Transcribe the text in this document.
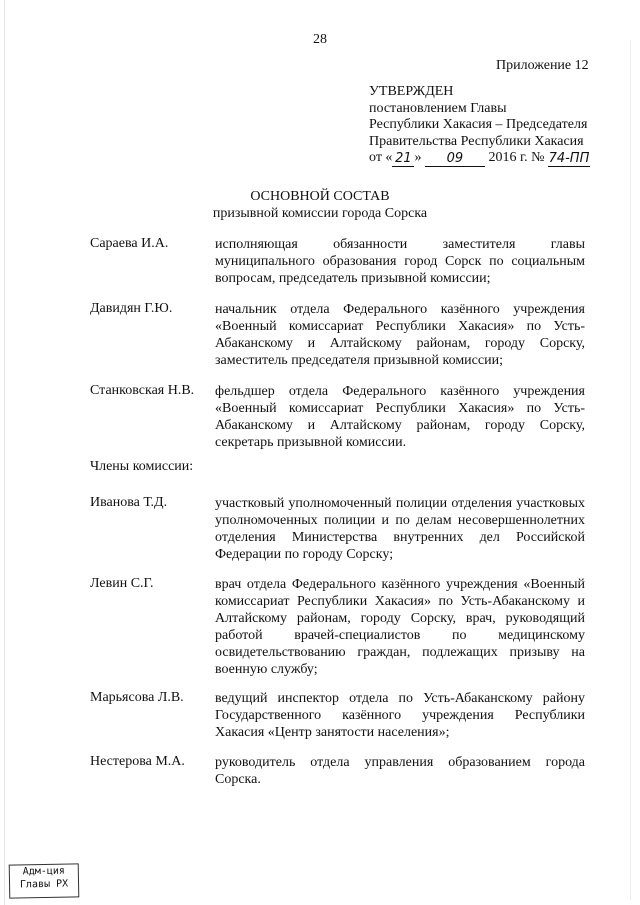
28
Приложение 12
УТВЕРЖДЕН
постановлением Главы
Республики Хакасия – Председателя
Правительства Республики Хакасия
от « 21 » 09 2016 г. № 74-ПП
ОСНОВНОЙ СОСТАВ
призывной комиссии города Сорска
Сараева И.А.	исполняющая обязанности заместителя главы муниципального образования город Сорск по социальным вопросам, председатель призывной комиссии;
Давидян Г.Ю.	начальник отдела Федерального казённого учреждения «Военный комиссариат Республики Хакасия» по Усть-Абаканскому и Алтайскому районам, городу Сорску, заместитель председателя призывной комиссии;
Станковская Н.В. фельдшер отдела Федерального казённого учреждения «Военный комиссариат Республики Хакасия» по Усть-Абаканскому и Алтайскому районам, городу Сорску, секретарь призывной комиссии.
Члены комиссии:
Иванова Т.Д.	участковый уполномоченный полиции отделения участковых уполномоченных полиции и по делам несовершеннолетних отделения Министерства внутренних дел Российской Федерации по городу Сорску;
Левин С.Г.	врач отдела Федерального казённого учреждения «Военный комиссариат Республики Хакасия» по Усть-Абаканскому и Алтайскому районам, городу Сорску, врач, руководящий работой врачей-специалистов по медицинскому освидетельствованию граждан, подлежащих призыву на военную службу;
Марьясова Л.В. ведущий инспектор отдела по Усть-Абаканскому району Государственного казённого учреждения Республики Хакасия «Центр занятости населения»;
Нестерова М.А. руководитель отдела управления образованием города Сорска.
Адм-ция
Главы РХ
